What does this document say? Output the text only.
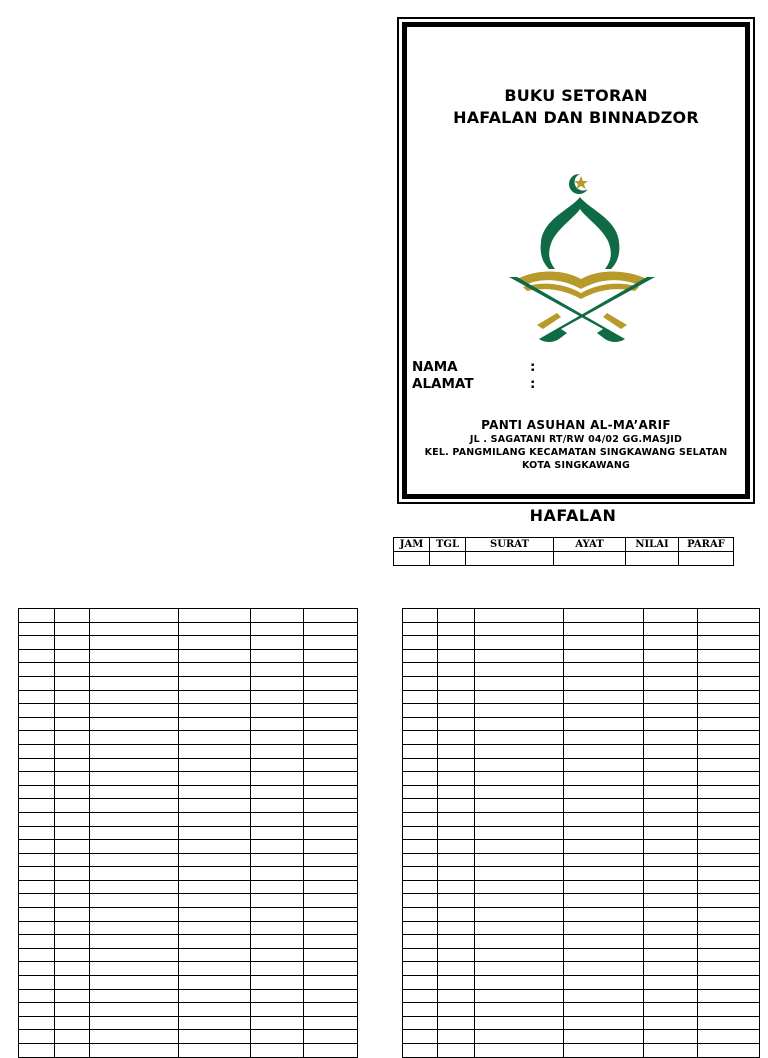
BUKU SETORAN
HAFALAN DAN BINNADZOR
NAMA	:
ALAMAT	:
PANTI ASUHAN AL-MA’ARIF
JL . SAGATANI RT/RW 04/02 GG.MASJID
KEL. PANGMILANG KECAMATAN SINGKAWANG SELATAN
KOTA SINGKAWANG
HAFALAN
JAM	TGL	SURAT	AYAT	NILAI	PARAF
